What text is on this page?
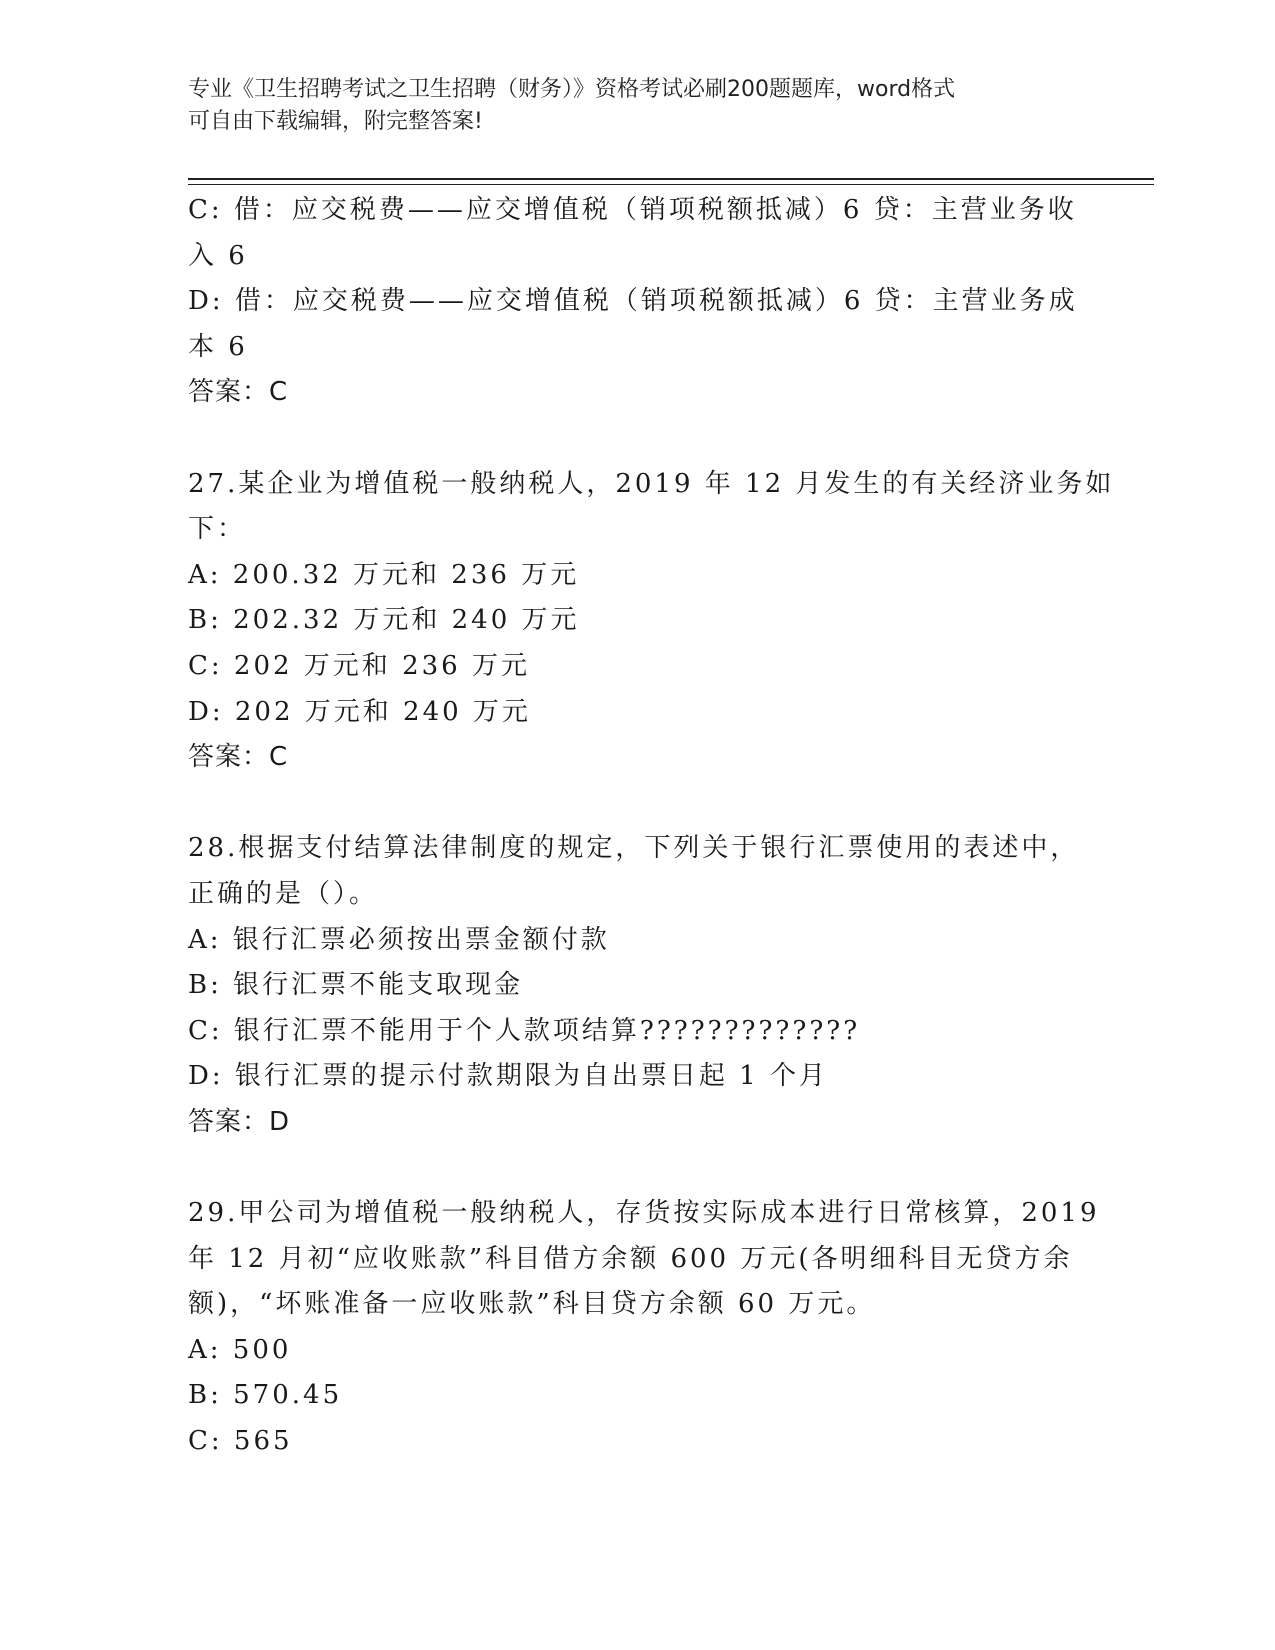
专业《卫生招聘考试之卫生招聘（财务）》资格考试必刷200题题库，word格式
可自由下载编辑，附完整答案!
C: 借：应交税费——应交增值税（销项税额抵减）6 贷：主营业务收
入 6
D: 借：应交税费——应交增值税（销项税额抵减）6 贷：主营业务成
本 6
答案：C
27.某企业为增值税一般纳税人，2019 年 12 月发生的有关经济业务如
下：
A: 200.32 万元和 236 万元
B: 202.32 万元和 240 万元
C: 202 万元和 236 万元
D: 202 万元和 240 万元
答案：C
28.根据支付结算法律制度的规定，下列关于银行汇票使用的表述中，
正确的是（）。
A: 银行汇票必须按出票金额付款
B: 银行汇票不能支取现金
C: 银行汇票不能用于个人款项结算?????????????
D: 银行汇票的提示付款期限为自出票日起 1 个月
答案：D
29.甲公司为增值税一般纳税人，存货按实际成本进行日常核算，2019
年 12 月初“应收账款”科目借方余额 600 万元(各明细科目无贷方余
额)，“坏账准备一应收账款”科目贷方余额 60 万元。
A: 500
B: 570.45
C: 565
